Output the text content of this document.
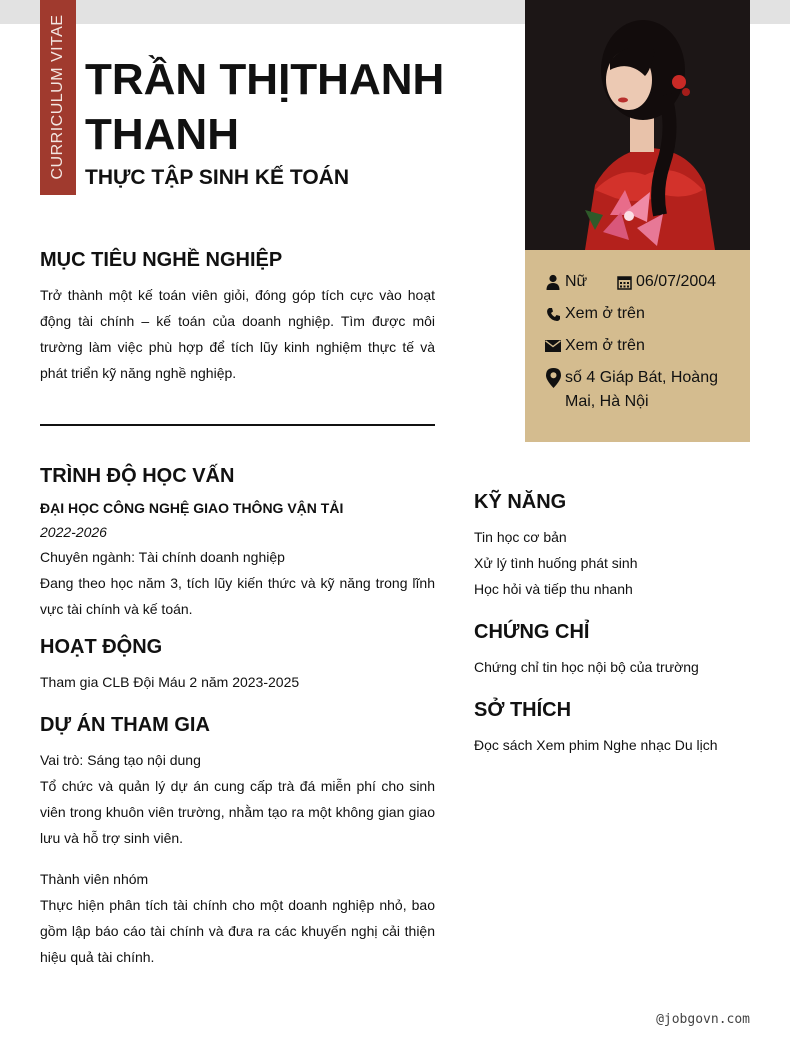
CURRICULUM VITAE TRẦN THỊTHANH THANH
THỰC TẬP SINH KẾ TOÁN
Nữ	06/07/2004
Xem ở trên
Xem ở trên
số 4 Giáp Bát, Hoàng Mai, Hà Nội
MỤC TIÊU NGHỀ NGHIỆP
Trở thành một kế toán viên giỏi, đóng góp tích cực vào hoạt động tài chính – kế toán của doanh nghiệp. Tìm được môi trường làm việc phù hợp để tích lũy kinh nghiệm thực tế và phát triển kỹ năng nghề nghiệp.
TRÌNH ĐỘ HỌC VẤN
ĐẠI HỌC CÔNG NGHỆ GIAO THÔNG VẬN TẢI
2022-2026
Chuyên ngành: Tài chính doanh nghiệp
Đang theo học năm 3, tích lũy kiến thức và kỹ năng trong lĩnh vực tài chính và kế toán.
HOẠT ĐỘNG
Tham gia CLB Đội Máu 2 năm 2023-2025
DỰ ÁN THAM GIA
Vai trò: Sáng tạo nội dung
Tổ chức và quản lý dự án cung cấp trà đá miễn phí cho sinh viên trong khuôn viên trường, nhằm tạo ra một không gian giao lưu và hỗ trợ sinh viên.
Thành viên nhóm
Thực hiện phân tích tài chính cho một doanh nghiệp nhỏ, bao gồm lập báo cáo tài chính và đưa ra các khuyến nghị cải thiện hiệu quả tài chính.
KỸ NĂNG
Tin học cơ bản
Xử lý tình huống phát sinh
Học hỏi và tiếp thu nhanh
CHỨNG CHỈ
Chứng chỉ tin học nội bộ của trường
SỞ THÍCH
Đọc sách Xem phim Nghe nhạc Du lịch
@jobgovn.com
